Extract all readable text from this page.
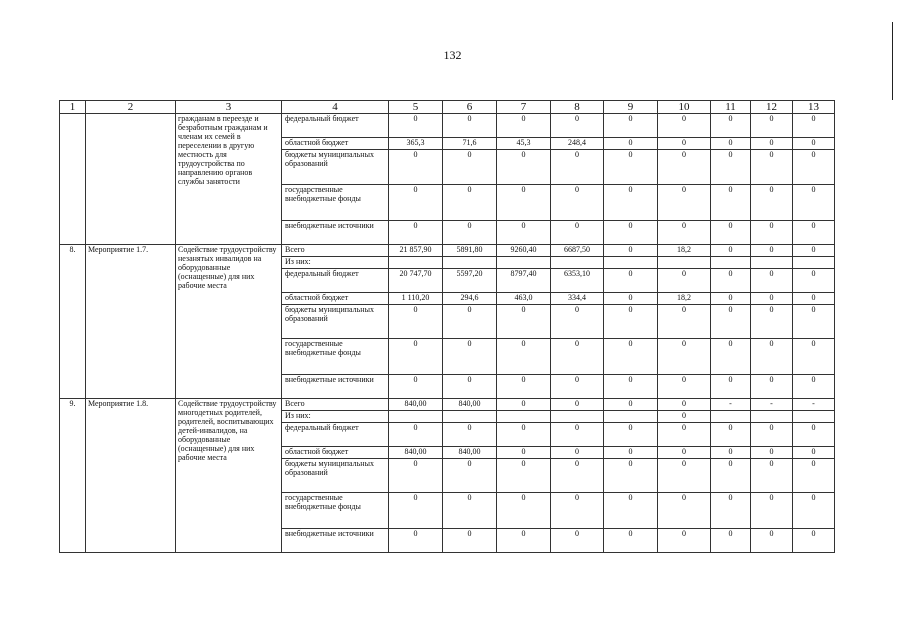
132
1	2	3	4	5	6	7	8	9	10	11	12	13
		гражданам в переезде и безработным гражданам и членам их семей в переселении в другую местность для трудоустройства по направлению органов службы занятости	федеральный бюджет	0	0	0	0	0	0	0	0	0
			областной бюджет	365,3	71,6	45,3	248,4	0	0	0	0	0
			бюджеты муниципальных образований	0	0	0	0	0	0	0	0	0
			государственные внебюджетные фонды	0	0	0	0	0	0	0	0	0
			внебюджетные источники	0	0	0	0	0	0	0	0	0
8.	Мероприятие 1.7.	Содействие трудоустройству незанятых инвалидов на оборудованные (оснащенные) для них рабочие места	Всего	21 857,90	5891,80	9260,40	6687,50	0	18,2	0	0	0
			Из них:									
			федеральный бюджет	20 747,70	5597,20	8797,40	6353,10	0	0	0	0	0
			областной бюджет	1 110,20	294,6	463,0	334,4	0	18,2	0	0	0
			бюджеты муниципальных образований	0	0	0	0	0	0	0	0	0
			государственные внебюджетные фонды	0	0	0	0	0	0	0	0	0
			внебюджетные источники	0	0	0	0	0	0	0	0	0
9.	Мероприятие 1.8.	Содействие трудоустройству многодетных родителей, родителей, воспитывающих детей-инвалидов, на оборудованные (оснащенные) для них рабочие места	Всего	840,00	840,00	0	0	0	0	-	-	-
			Из них:						0			
			федеральный бюджет	0	0	0	0	0	0	0	0	0
			областной бюджет	840,00	840,00	0	0	0	0	0	0	0
			бюджеты муниципальных образований	0	0	0	0	0	0	0	0	0
			государственные внебюджетные фонды	0	0	0	0	0	0	0	0	0
			внебюджетные источники	0	0	0	0	0	0	0	0	0
